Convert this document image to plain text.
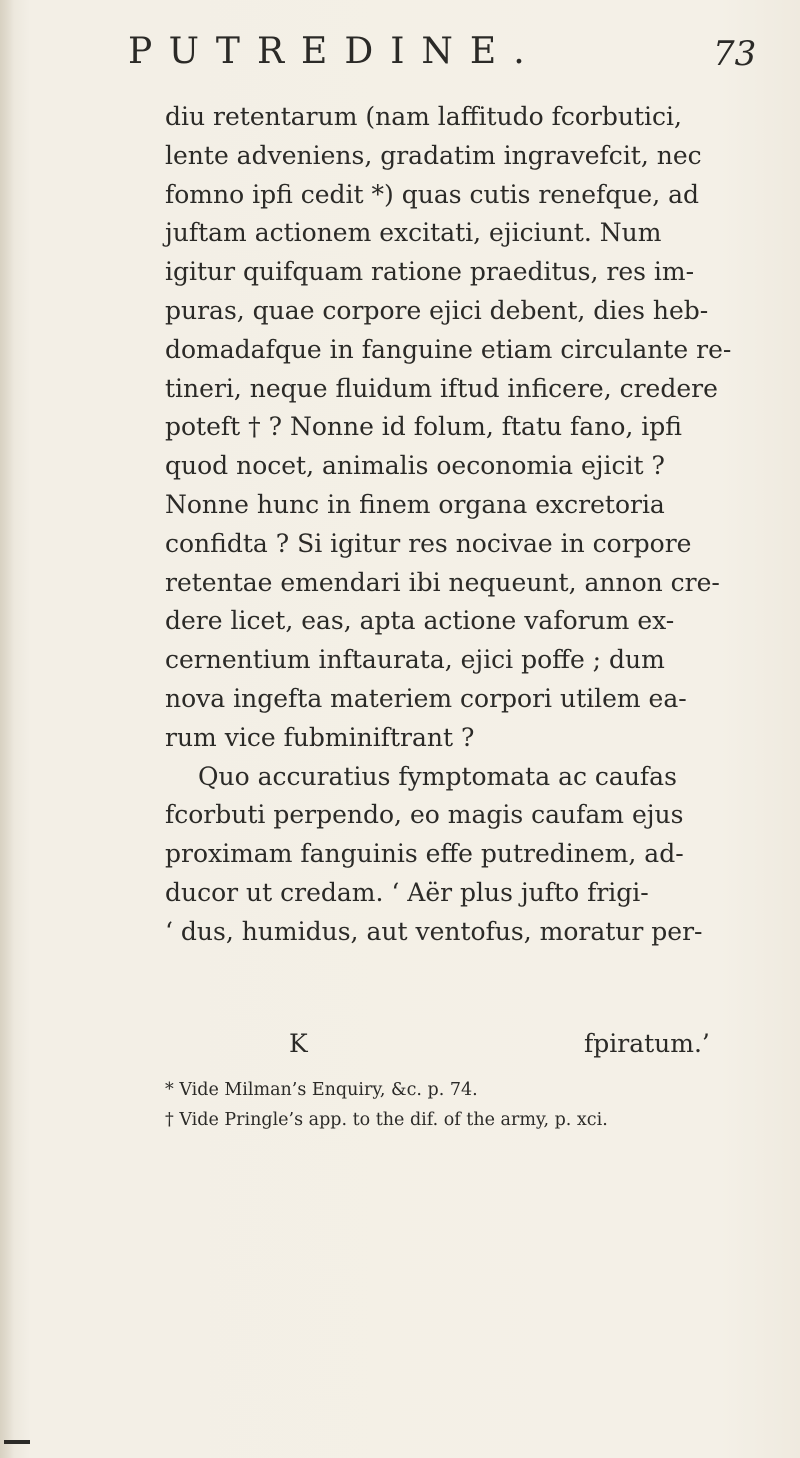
PUTREDINE.	73
diu retentarum (nam laffitudo fcorbutici,
lente adveniens, gradatim ingravefcit, nec
fomno ipfi cedit *) quas cutis renefque, ad
juftam actionem excitati, ejiciunt. Num
igitur quifquam ratione praeditus, res im-
puras, quae corpore ejici debent, dies heb-
domadafque in fanguine etiam circulante re-
tineri, neque fluidum iftud inficere, credere
poteft † ? Nonne id folum, ftatu fano, ipfi
quod nocet, animalis oeconomia ejicit ?
Nonne hunc in finem organa excretoria
confidta ? Si igitur res nocivae in corpore
retentae emendari ibi nequeunt, annon cre-
dere licet, eas, apta actione vaforum ex-
cernentium inftaurata, ejici poffe ; dum
nova ingefta materiem corpori utilem ea-
rum vice fubminiftrant ?
Quo accuratius fymptomata ac caufas
fcorbuti perpendo, eo magis caufam ejus
proximam fanguinis effe putredinem, ad-
ducor ut credam. ‘ Aër plus jufto frigi-
‘ dus, humidus, aut ventofus, moratur per-
K	fpiratum.’
* Vide Milman’s Enquiry, &c. p. 74.
† Vide Pringle’s app. to the dif. of the army, p. xci.
